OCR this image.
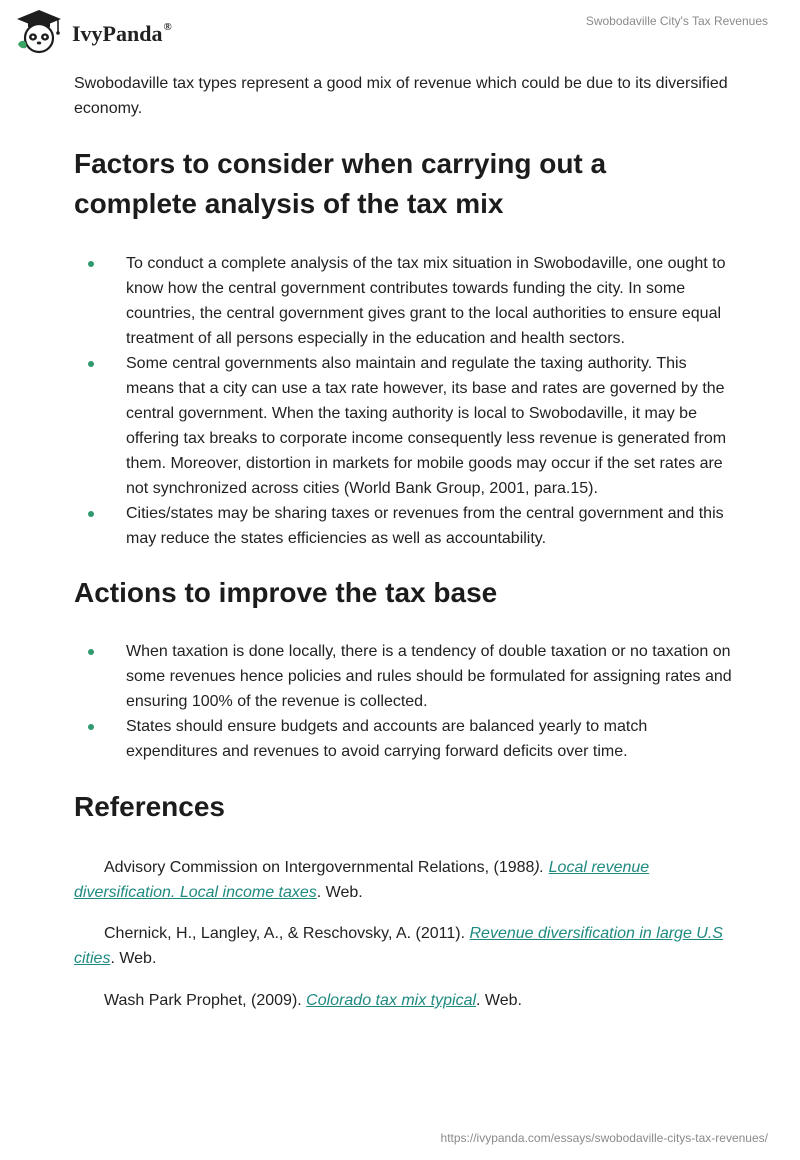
IvyPanda®	Swobodaville City's Tax Revenues

Swobodaville tax types represent a good mix of revenue which could be due to its diversified economy.

Factors to consider when carrying out a complete analysis of the tax mix
To conduct a complete analysis of the tax mix situation in Swobodaville, one ought to know how the central government contributes towards funding the city. In some countries, the central government gives grant to the local authorities to ensure equal treatment of all persons especially in the education and health sectors.
Some central governments also maintain and regulate the taxing authority. This means that a city can use a tax rate however, its base and rates are governed by the central government. When the taxing authority is local to Swobodaville, it may be offering tax breaks to corporate income consequently less revenue is generated from them. Moreover, distortion in markets for mobile goods may occur if the set rates are not synchronized across cities (World Bank Group, 2001, para.15).
Cities/states may be sharing taxes or revenues from the central government and this may reduce the states efficiencies as well as accountability.
Actions to improve the tax base
When taxation is done locally, there is a tendency of double taxation or no taxation on some revenues hence policies and rules should be formulated for assigning rates and ensuring 100% of the revenue is collected.
States should ensure budgets and accounts are balanced yearly to match expenditures and revenues to avoid carrying forward deficits over time.
References

Advisory Commission on Intergovernmental Relations, (1988). Local revenue diversification. Local income taxes. Web.

Chernick, H., Langley, A., & Reschovsky, A. (2011). Revenue diversification in large U.S cities. Web.

Wash Park Prophet, (2009). Colorado tax mix typical. Web.

https://ivypanda.com/essays/swobodaville-citys-tax-revenues/
